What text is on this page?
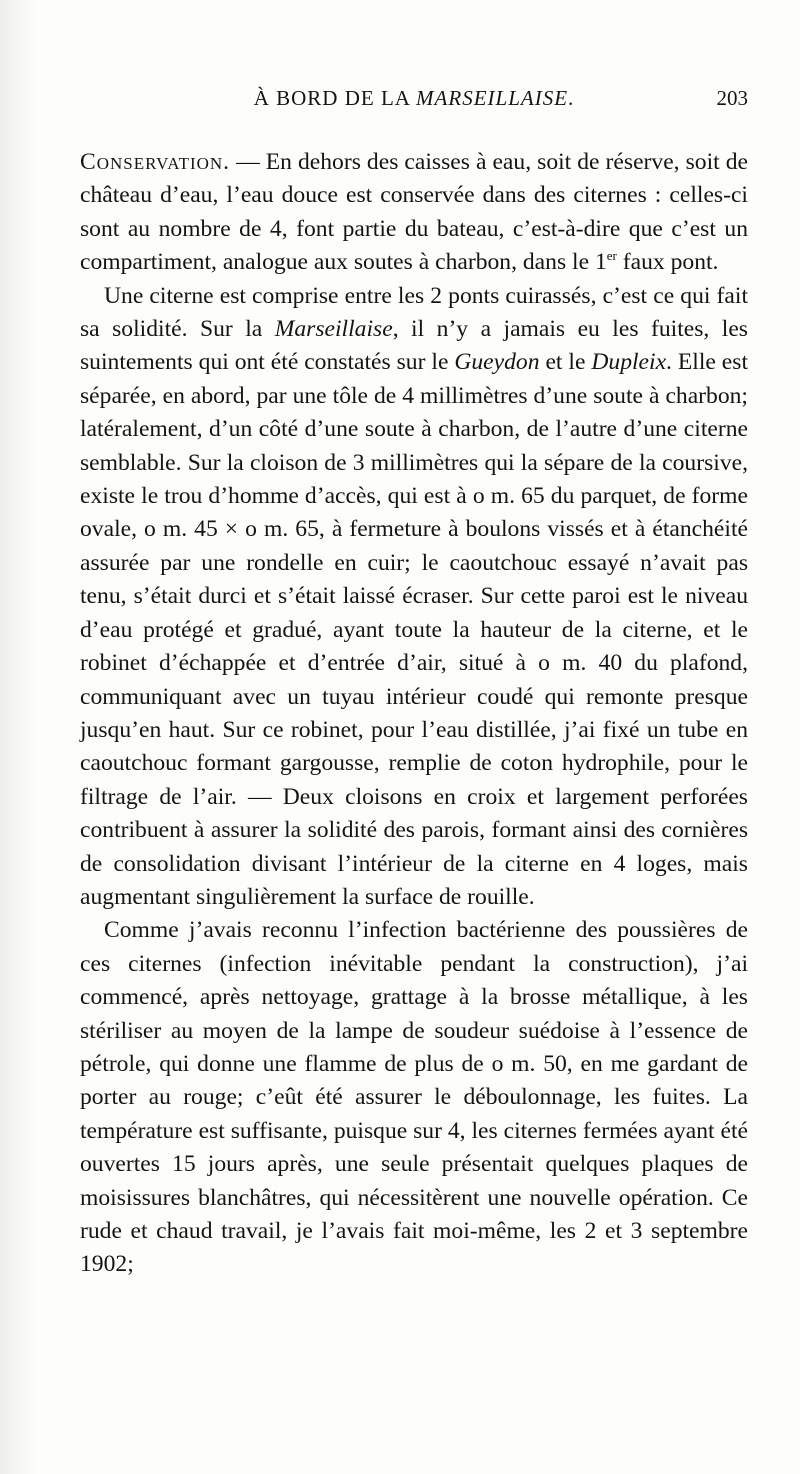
À BORD DE LA MARSEILLAISE.	203

Conservation. — En dehors des caisses à eau, soit de réserve, soit de château d’eau, l’eau douce est conservée dans des citernes : celles-ci sont au nombre de 4, font partie du bateau, c’est-à-dire que c’est un compartiment, analogue aux soutes à charbon, dans le 1er faux pont.

Une citerne est comprise entre les 2 ponts cuirassés, c’est ce qui fait sa solidité. Sur la Marseillaise, il n’y a jamais eu les fuites, les suintements qui ont été constatés sur le Gueydon et le Dupleix. Elle est séparée, en abord, par une tôle de 4 millimètres d’une soute à charbon; latéralement, d’un côté d’une soute à charbon, de l’autre d’une citerne semblable. Sur la cloison de 3 millimètres qui la sépare de la coursive, existe le trou d’homme d’accès, qui est à o m. 65 du parquet, de forme ovale, o m. 45 × o m. 65, à fermeture à boulons vissés et à étanchéité assurée par une rondelle en cuir; le caoutchouc essayé n’avait pas tenu, s’était durci et s’était laissé écraser. Sur cette paroi est le niveau d’eau protégé et gradué, ayant toute la hauteur de la citerne, et le robinet d’échappée et d’entrée d’air, situé à o m. 40 du plafond, communiquant avec un tuyau intérieur coudé qui remonte presque jusqu’en haut. Sur ce robinet, pour l’eau distillée, j’ai fixé un tube en caoutchouc formant gargousse, remplie de coton hydrophile, pour le filtrage de l’air. — Deux cloisons en croix et largement perforées contribuent à assurer la solidité des parois, formant ainsi des cornières de consolidation divisant l’intérieur de la citerne en 4 loges, mais augmentant singulièrement la surface de rouille.

Comme j’avais reconnu l’infection bactérienne des poussières de ces citernes (infection inévitable pendant la construction), j’ai commencé, après nettoyage, grattage à la brosse métallique, à les stériliser au moyen de la lampe de soudeur suédoise à l’essence de pétrole, qui donne une flamme de plus de o m. 50, en me gardant de porter au rouge; c’eût été assurer le déboulonnage, les fuites. La température est suffisante, puisque sur 4, les citernes fermées ayant été ouvertes 15 jours après, une seule présentait quelques plaques de moisissures blanchâtres, qui nécessitèrent une nouvelle opération. Ce rude et chaud travail, je l’avais fait moi-même, les 2 et 3 septembre 1902;
